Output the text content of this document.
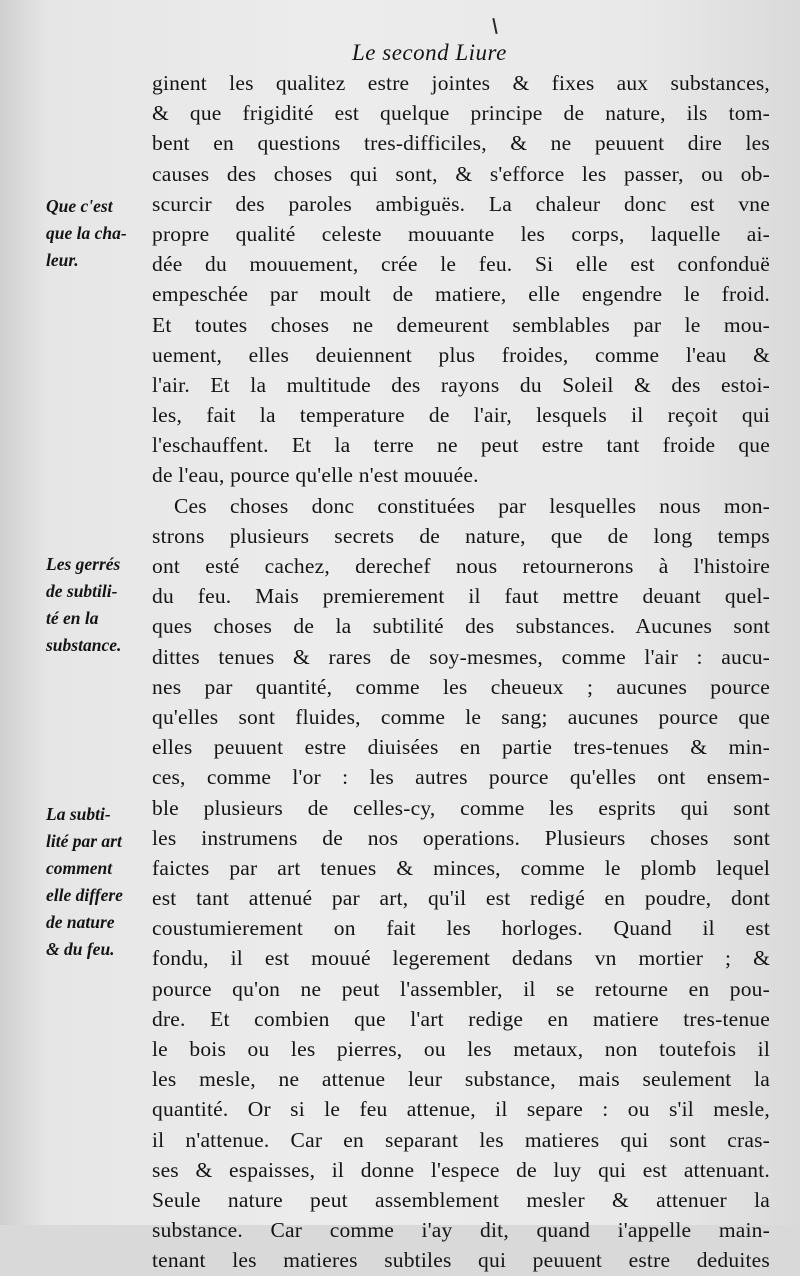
Le second Liure
ginent les qualitez estre jointes & fixes aux substances,
& que frigidité est quelque principe de nature, ils tom-
bent en questions tres-difficiles, & ne peuuent dire les
causes des choses qui sont, & s'efforce les passer, ou ob-
scurcir des paroles ambiguës. La chaleur donc est vne
propre qualité celeste mouuante les corps, laquelle ai-
dée du mouuement, crée le feu. Si elle est confonduë
empeschée par moult de matiere, elle engendre le froid.
Et toutes choses ne demeurent semblables par le mou-
uement, elles deuiennent plus froides, comme l'eau &
l'air. Et la multitude des rayons du Soleil & des estoi-
les, fait la temperature de l'air, lesquels il reçoit qui
l'eschauffent. Et la terre ne peut estre tant froide que
de l'eau, pource qu'elle n'est mouuée.
Ces choses donc constituées par lesquelles nous mon-
strons plusieurs secrets de nature, que de long temps
ont esté cachez, derechef nous retournerons à l'histoire
du feu. Mais premierement il faut mettre deuant quel-
ques choses de la subtilité des substances. Aucunes sont
dittes tenues & rares de soy-mesmes, comme l'air : aucu-
nes par quantité, comme les cheueux ; aucunes pource
qu'elles sont fluides, comme le sang; aucunes pource que
elles peuuent estre diuisées en partie tres-tenues & min-
ces, comme l'or : les autres pource qu'elles ont ensem-
ble plusieurs de celles-cy, comme les esprits qui sont
les instrumens de nos operations. Plusieurs choses sont
faictes par art tenues & minces, comme le plomb lequel
est tant attenué par art, qu'il est redigé en poudre, dont
coustumierement on fait les horloges. Quand il est
fondu, il est mouué legerement dedans vn mortier ; &
pource qu'on ne peut l'assembler, il se retourne en pou-
dre. Et combien que l'art redige en matiere tres-tenue
le bois ou les pierres, ou les metaux, non toutefois il
les mesle, ne attenue leur substance, mais seulement la
quantité. Or si le feu attenue, il separe : ou s'il mesle,
il n'attenue. Car en separant les matieres qui sont cras-
ses & espaisses, il donne l'espece de luy qui est attenuant.
Seule nature peut assemblement mesler & attenuer la
substance. Car comme i'ay dit, quand i'appelle main-
tenant les matieres subtiles qui peuuent estre deduites
Que c'est
que la cha-
leur.
Les gerrés
de subtili-
té en la
substance.
La subti-
lité par art
comment
elle differe
de nature
& du feu.
